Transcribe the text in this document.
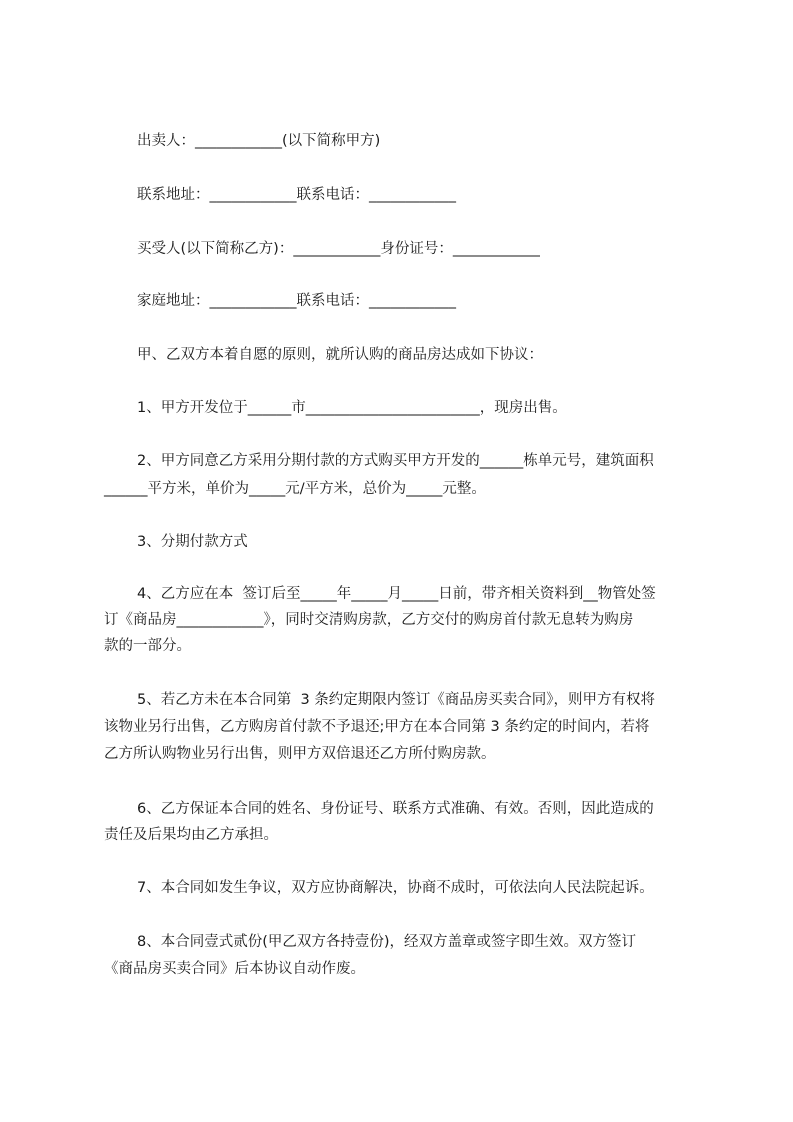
出卖人：____________(以下简称甲方)
联系地址：____________联系电话：____________
买受人(以下简称乙方)：____________身份证号：____________
家庭地址：____________联系电话：____________
甲、乙双方本着自愿的原则，就所认购的商品房达成如下协议：
1、甲方开发位于______市________________________，现房出售。
2、甲方同意乙方采用分期付款的方式购买甲方开发的______栋单元号，建筑面积
______平方米，单价为_____元/平方米，总价为_____元整。
3、分期付款方式
4、乙方应在本  签订后至_____年_____月_____日前，带齐相关资料到__物管处签
订《商品房____________》，同时交清购房款，乙方交付的购房首付款无息转为购房
款的一部分。
5、若乙方未在本合同第  3 条约定期限内签订《商品房买卖合同》，则甲方有权将
该物业另行出售，乙方购房首付款不予退还;甲方在本合同第 3 条约定的时间内，若将
乙方所认购物业另行出售，则甲方双倍退还乙方所付购房款。
6、乙方保证本合同的姓名、身份证号、联系方式准确、有效。否则，因此造成的
责任及后果均由乙方承担。
7、本合同如发生争议，双方应协商解决，协商不成时，可依法向人民法院起诉。
8、本合同壹式贰份(甲乙双方各持壹份)，经双方盖章或签字即生效。双方签订
《商品房买卖合同》后本协议自动作废。
